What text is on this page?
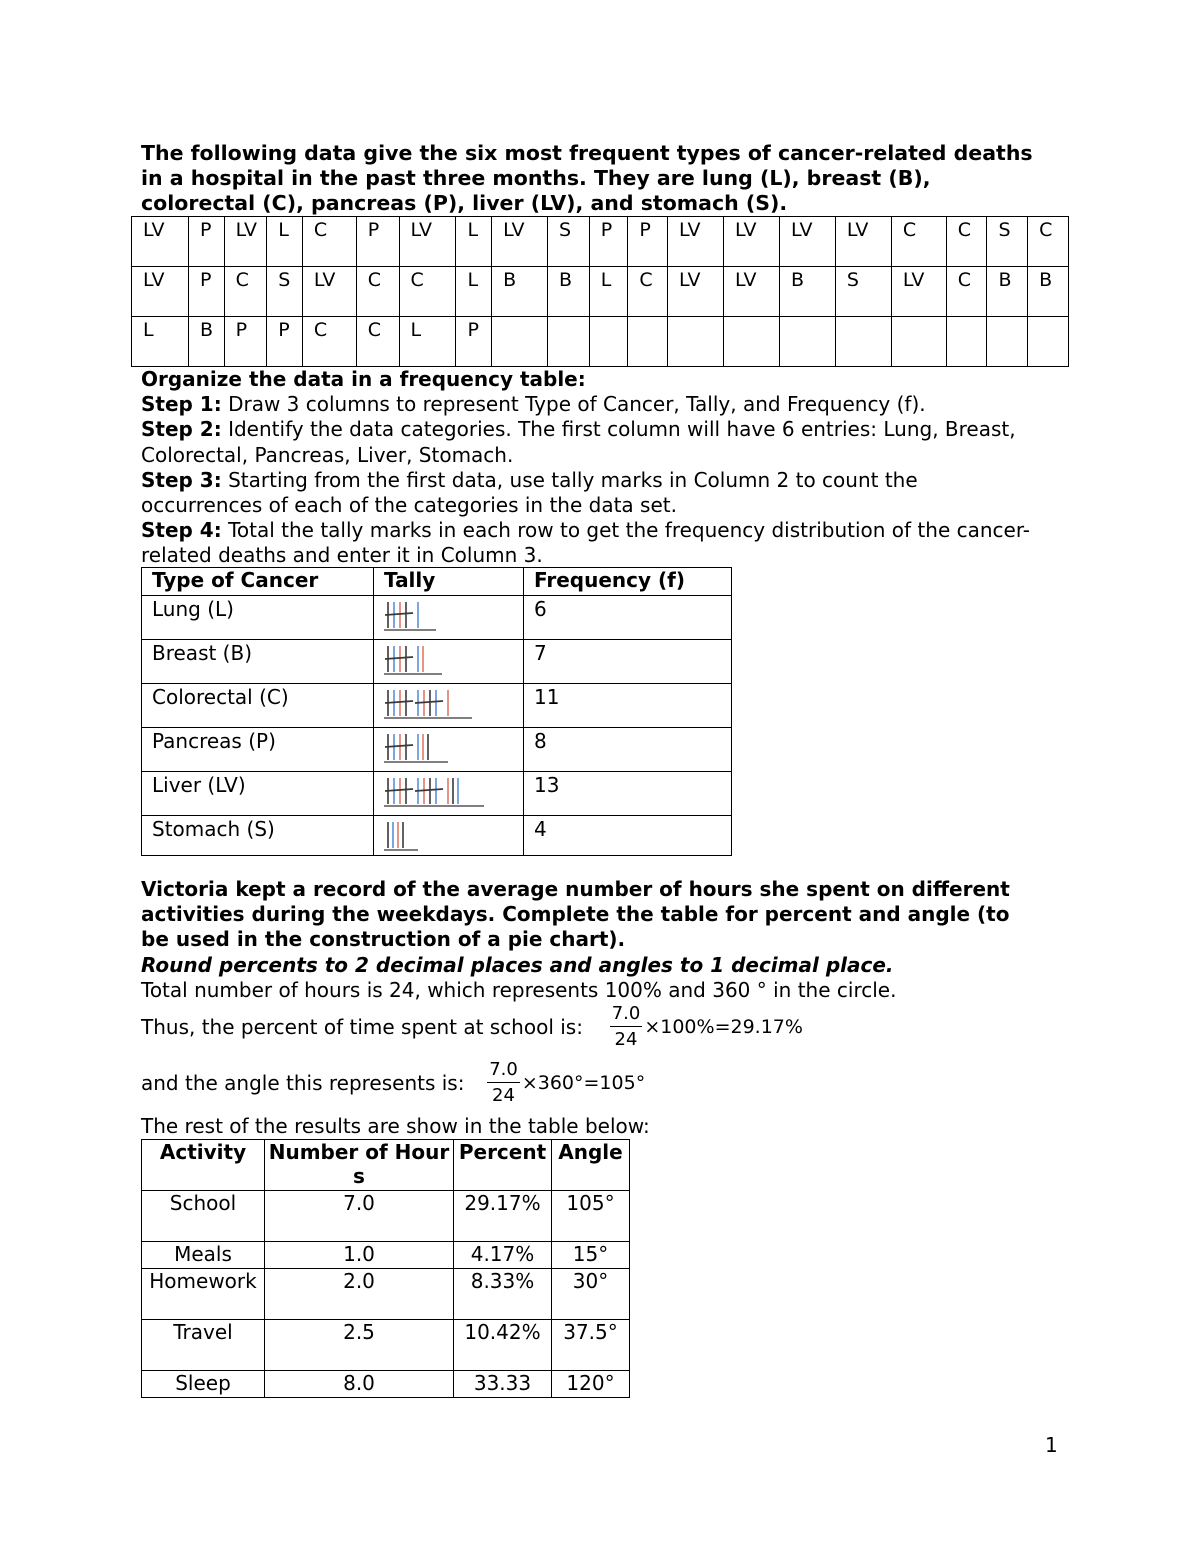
The following data give the six most frequent types of cancer-related deaths in a hospital in the past three months. They are lung (L), breast (B), colorectal (C), pancreas (P), liver (LV), and stomach (S).

LV	P	LV	L	C	P	LV	L	LV	S	P	P	LV	LV	LV	LV	C	C	S	C
LV	P	C	S	LV	C	C	L	B	B	L	C	LV	LV	B	S	LV	C	B	B
L	B	P	P	C	C	L	P												

Organize the data in a frequency table:

Step 1: Draw 3 columns to represent Type of Cancer, Tally, and Frequency (f).

Step 2: Identify the data categories. The first column will have 6 entries: Lung, Breast, Colorectal, Pancreas, Liver, Stomach.

Step 3: Starting from the first data, use tally marks in Column 2 to count the occurrences of each of the categories in the data set.

Step 4: Total the tally marks in each row to get the frequency distribution of the cancer-related deaths and enter it in Column 3.

Type of Cancer	Tally	Frequency (f)
Lung (L)		6
Breast (B)		7
Colorectal (C)		11
Pancreas (P)		8
Liver (LV)		13
Stomach (S)		4

Victoria kept a record of the average number of hours she spent on different activities during the weekdays. Complete the table for percent and angle (to be used in the construction of a pie chart).

Round percents to 2 decimal places and angles to 1 decimal place.

Total number of hours is 24, which represents 100% and 360 ° in the circle.

Thus, the percent of time spent at school is: $\frac{7.0}{24} \times 100\%=29.17\%$
and the angle this represents is: $\frac{7.0}{24} \times 360^\circ=105^\circ$
The rest of the results are show in the table below:
Activity	Number of Hours	Percent	Angle
School	7.0	29.17%	105°
Meals	1.0	4.17%	15°
Homework	2.0	8.33%	30°
Travel	2.5	10.42%	37.5°
Sleep	8.0	33.33	120°
1
